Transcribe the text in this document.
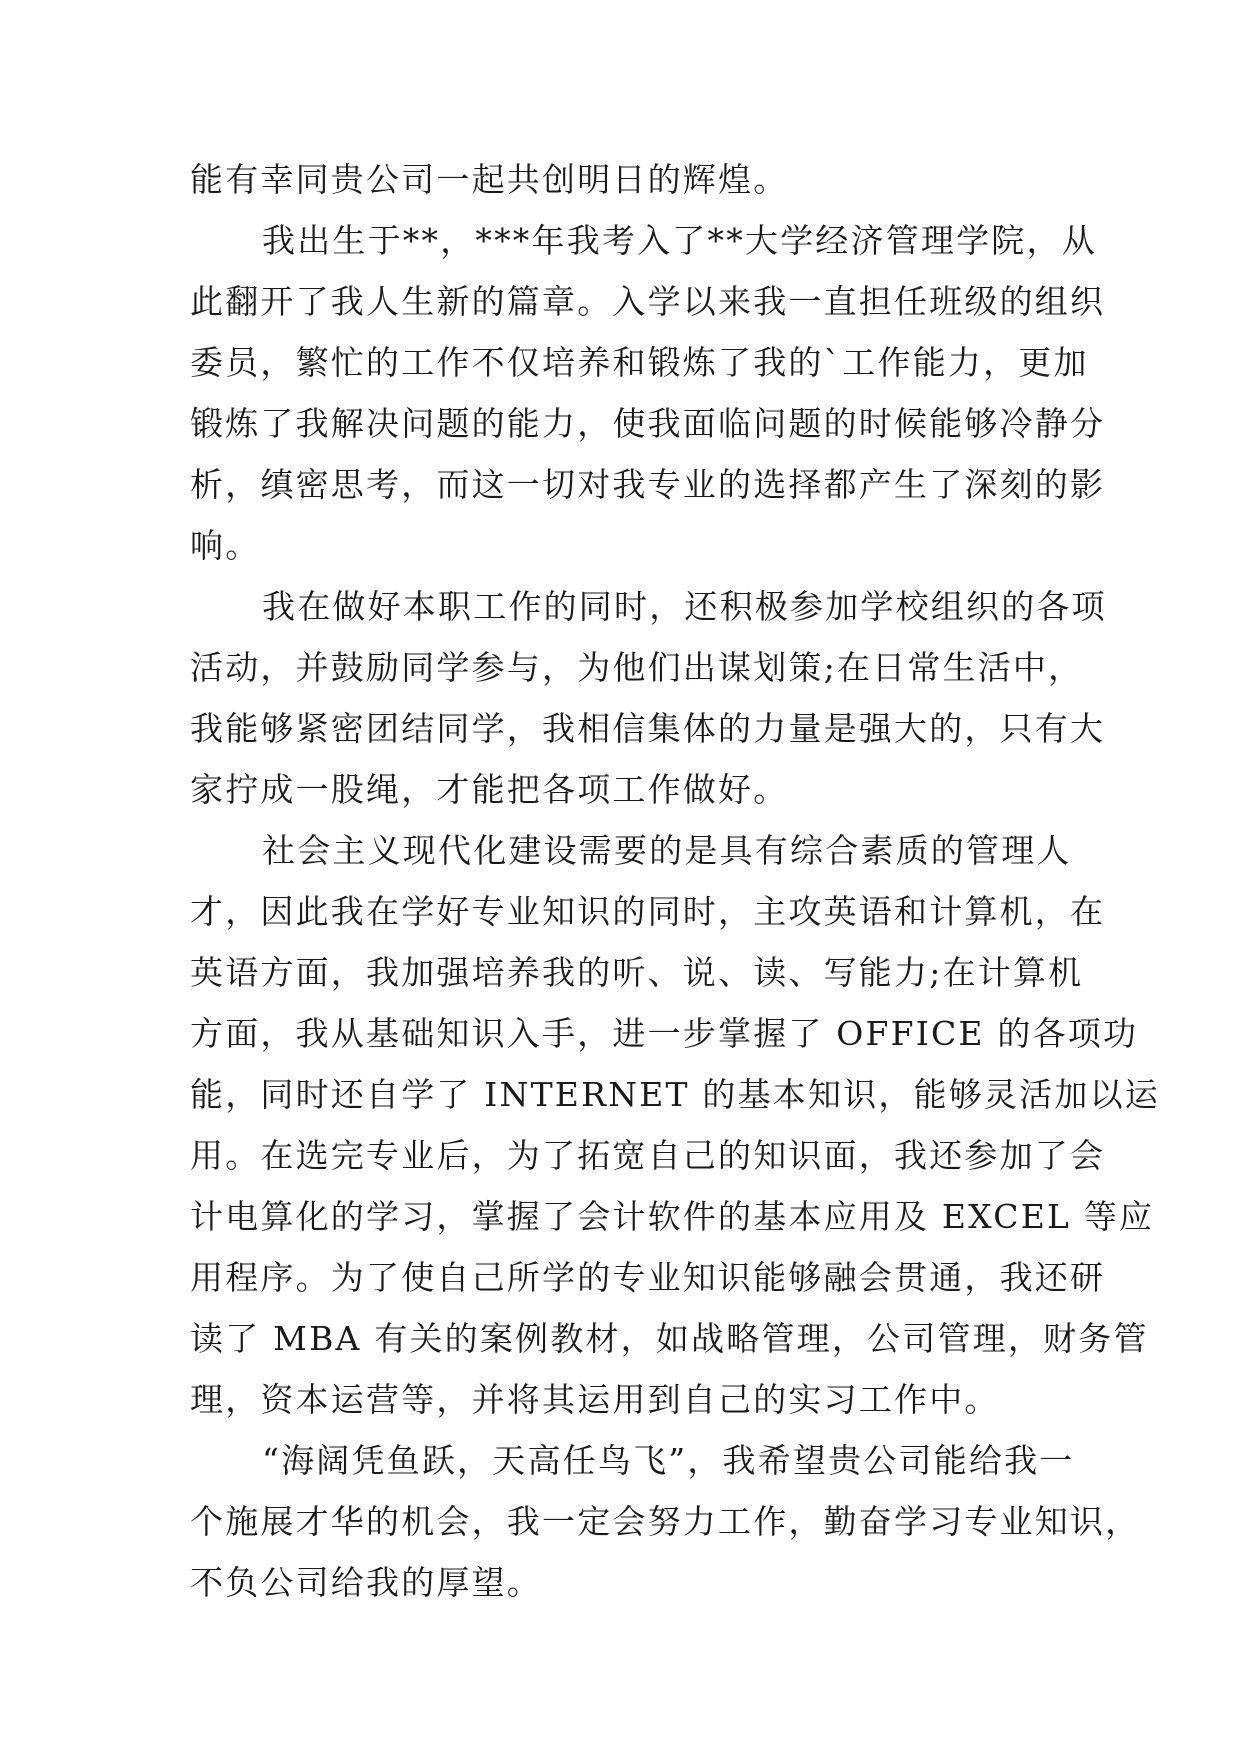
能有幸同贵公司一起共创明日的辉煌。
我出生于**，***年我考入了**大学经济管理学院，从
此翻开了我人生新的篇章。入学以来我一直担任班级的组织
委员，繁忙的工作不仅培养和锻炼了我的`工作能力，更加
锻炼了我解决问题的能力，使我面临问题的时候能够冷静分
析，缜密思考，而这一切对我专业的选择都产生了深刻的影
响。
我在做好本职工作的同时，还积极参加学校组织的各项
活动，并鼓励同学参与，为他们出谋划策;在日常生活中，
我能够紧密团结同学，我相信集体的力量是强大的，只有大
家拧成一股绳，才能把各项工作做好。
社会主义现代化建设需要的是具有综合素质的管理人
才，因此我在学好专业知识的同时，主攻英语和计算机，在
英语方面，我加强培养我的听、说、读、写能力;在计算机
方面，我从基础知识入手，进一步掌握了 OFFICE 的各项功
能，同时还自学了 INTERNET 的基本知识，能够灵活加以运
用。在选完专业后，为了拓宽自己的知识面，我还参加了会
计电算化的学习，掌握了会计软件的基本应用及 EXCEL 等应
用程序。为了使自己所学的专业知识能够融会贯通，我还研
读了 MBA 有关的案例教材，如战略管理，公司管理，财务管
理，资本运营等，并将其运用到自己的实习工作中。
“海阔凭鱼跃，天高任鸟飞”，我希望贵公司能给我一
个施展才华的机会，我一定会努力工作，勤奋学习专业知识，
不负公司给我的厚望。
